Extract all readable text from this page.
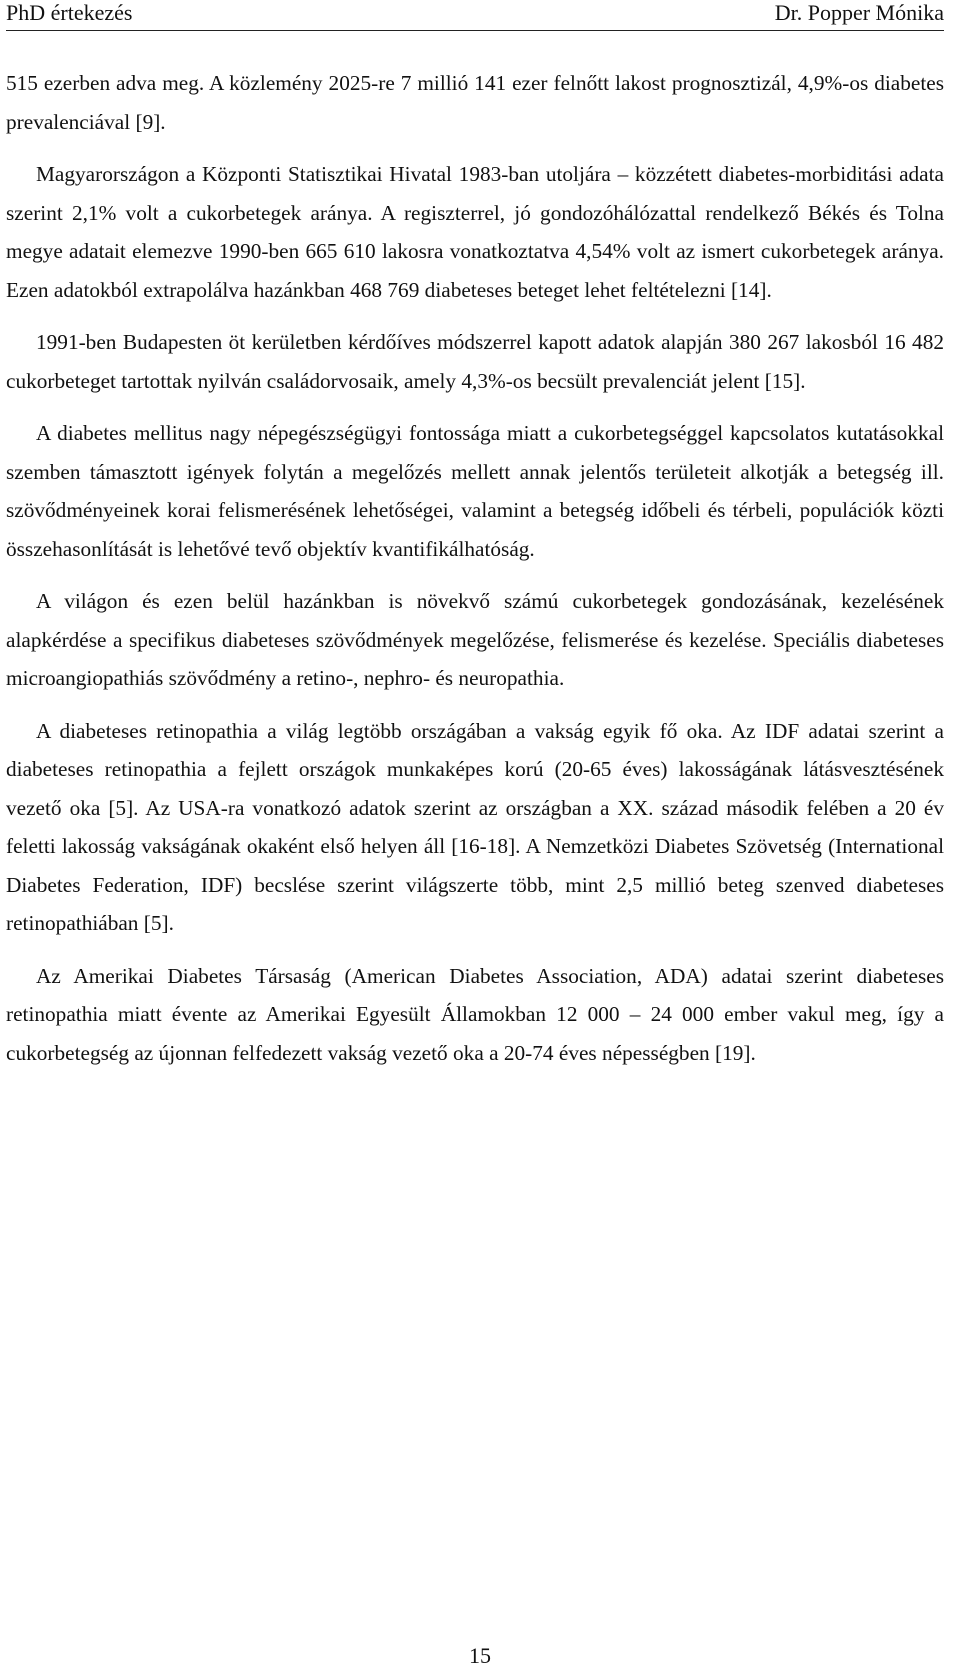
PhD értekezés	Dr. Popper Mónika

515 ezerben adva meg. A közlemény 2025-re 7 millió 141 ezer felnőtt lakost prognosztizál, 4,9%-os diabetes prevalenciával [9].

Magyarországon a Központi Statisztikai Hivatal 1983-ban utoljára – közzétett diabetes-morbiditási adata szerint 2,1% volt a cukorbetegek aránya. A regiszterrel, jó gondozóhálózattal rendelkező Békés és Tolna megye adatait elemezve 1990-ben 665 610 lakosra vonatkoztatva 4,54% volt az ismert cukorbetegek aránya. Ezen adatokból extrapolálva hazánkban 468 769 diabeteses beteget lehet feltételezni [14].

1991-ben Budapesten öt kerületben kérdőíves módszerrel kapott adatok alapján 380 267 lakosból 16 482 cukorbeteget tartottak nyilván családorvosaik, amely 4,3%-os becsült prevalenciát jelent [15].

A diabetes mellitus nagy népegészségügyi fontossága miatt a cukorbetegséggel kapcsolatos kutatásokkal szemben támasztott igények folytán a megelőzés mellett annak jelentős területeit alkotják a betegség ill. szövődményeinek korai felismerésének lehetőségei, valamint a betegség időbeli és térbeli, populációk közti összehasonlítását is lehetővé tevő objektív kvantifikálhatóság.

A világon és ezen belül hazánkban is növekvő számú cukorbetegek gondozásának, kezelésének alapkérdése a specifikus diabeteses szövődmények megelőzése, felismerése és kezelése. Speciális diabeteses microangiopathiás szövődmény a retino-, nephro- és neuropathia.

A diabeteses retinopathia a világ legtöbb országában a vakság egyik fő oka. Az IDF adatai szerint a diabeteses retinopathia a fejlett országok munkaképes korú (20-65 éves) lakosságának látásvesztésének vezető oka [5]. Az USA-ra vonatkozó adatok szerint az országban a XX. század második felében a 20 év feletti lakosság vakságának okaként első helyen áll [16-18]. A Nemzetközi Diabetes Szövetség (International Diabetes Federation, IDF) becslése szerint világszerte több, mint 2,5 millió beteg szenved diabeteses retinopathiában [5].

Az Amerikai Diabetes Társaság (American Diabetes Association, ADA) adatai szerint diabeteses retinopathia miatt évente az Amerikai Egyesült Államokban 12 000 – 24 000 ember vakul meg, így a cukorbetegség az újonnan felfedezett vakság vezető oka a 20-74 éves népességben [19].

15
